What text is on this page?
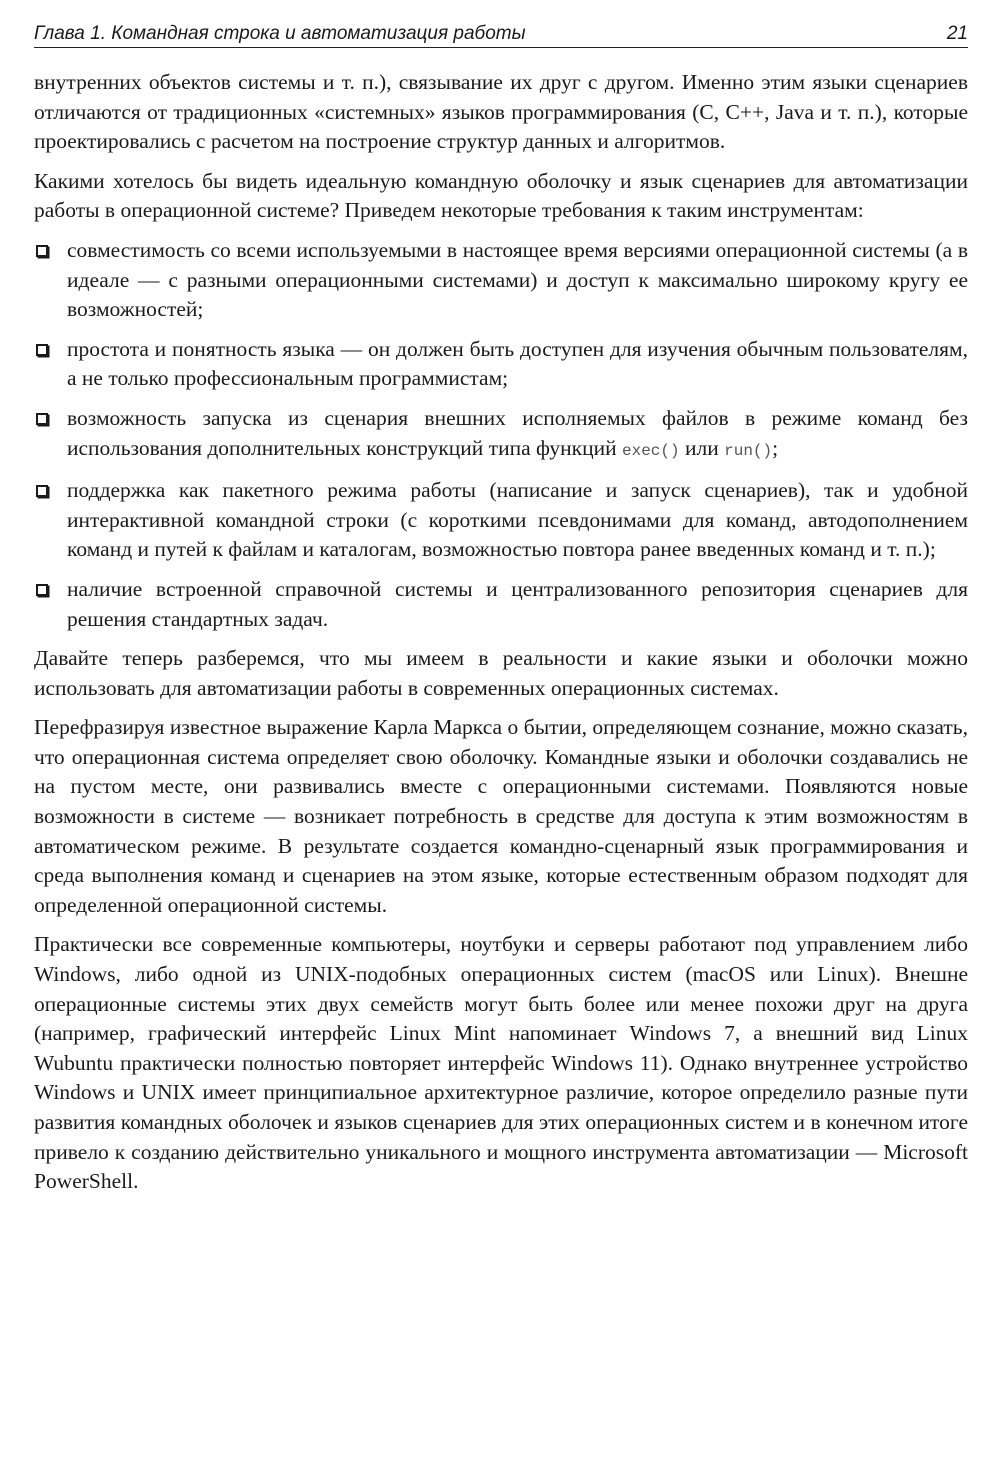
Глава 1. Командная строка и автоматизация работы	21

внутренних объектов системы и т. п.), связывание их друг с другом. Именно этим языки сценариев отличаются от традиционных «системных» языков программирования (C, C++, Java и т. п.), которые проектировались с расчетом на построение структур данных и алгоритмов.

Какими хотелось бы видеть идеальную командную оболочку и язык сценариев для автоматизации работы в операционной системе? Приведем некоторые требования к таким инструментам:

совместимость со всеми используемыми в настоящее время версиями операционной системы (а в идеале — с разными операционными системами) и доступ к максимально широкому кругу ее возможностей;
простота и понятность языка — он должен быть доступен для изучения обычным пользователям, а не только профессиональным программистам;
возможность запуска из сценария внешних исполняемых файлов в режиме команд без использования дополнительных конструкций типа функций exec() или run();
поддержка как пакетного режима работы (написание и запуск сценариев), так и удобной интерактивной командной строки (с короткими псевдонимами для команд, автодополнением команд и путей к файлам и каталогам, возможностью повтора ранее введенных команд и т. п.);
наличие встроенной справочной системы и централизованного репозитория сценариев для решения стандартных задач.

Давайте теперь разберемся, что мы имеем в реальности и какие языки и оболочки можно использовать для автоматизации работы в современных операционных системах.

Перефразируя известное выражение Карла Маркса о бытии, определяющем сознание, можно сказать, что операционная система определяет свою оболочку. Командные языки и оболочки создавались не на пустом месте, они развивались вместе с операционными системами. Появляются новые возможности в системе — возникает потребность в средстве для доступа к этим возможностям в автоматическом режиме. В результате создается командно-сценарный язык программирования и среда выполнения команд и сценариев на этом языке, которые естественным образом подходят для определенной операционной системы.

Практически все современные компьютеры, ноутбуки и серверы работают под управлением либо Windows, либо одной из UNIX-подобных операционных систем (macOS или Linux). Внешне операционные системы этих двух семейств могут быть более или менее похожи друг на друга (например, графический интерфейс Linux Mint напоминает Windows 7, а внешний вид Linux Wubuntu практически полностью повторяет интерфейс Windows 11). Однако внутреннее устройство Windows и UNIX имеет принципиальное архитектурное различие, которое определило разные пути развития командных оболочек и языков сценариев для этих операционных систем и в конечном итоге привело к созданию действительно уникального и мощного инструмента автоматизации — Microsoft PowerShell.
